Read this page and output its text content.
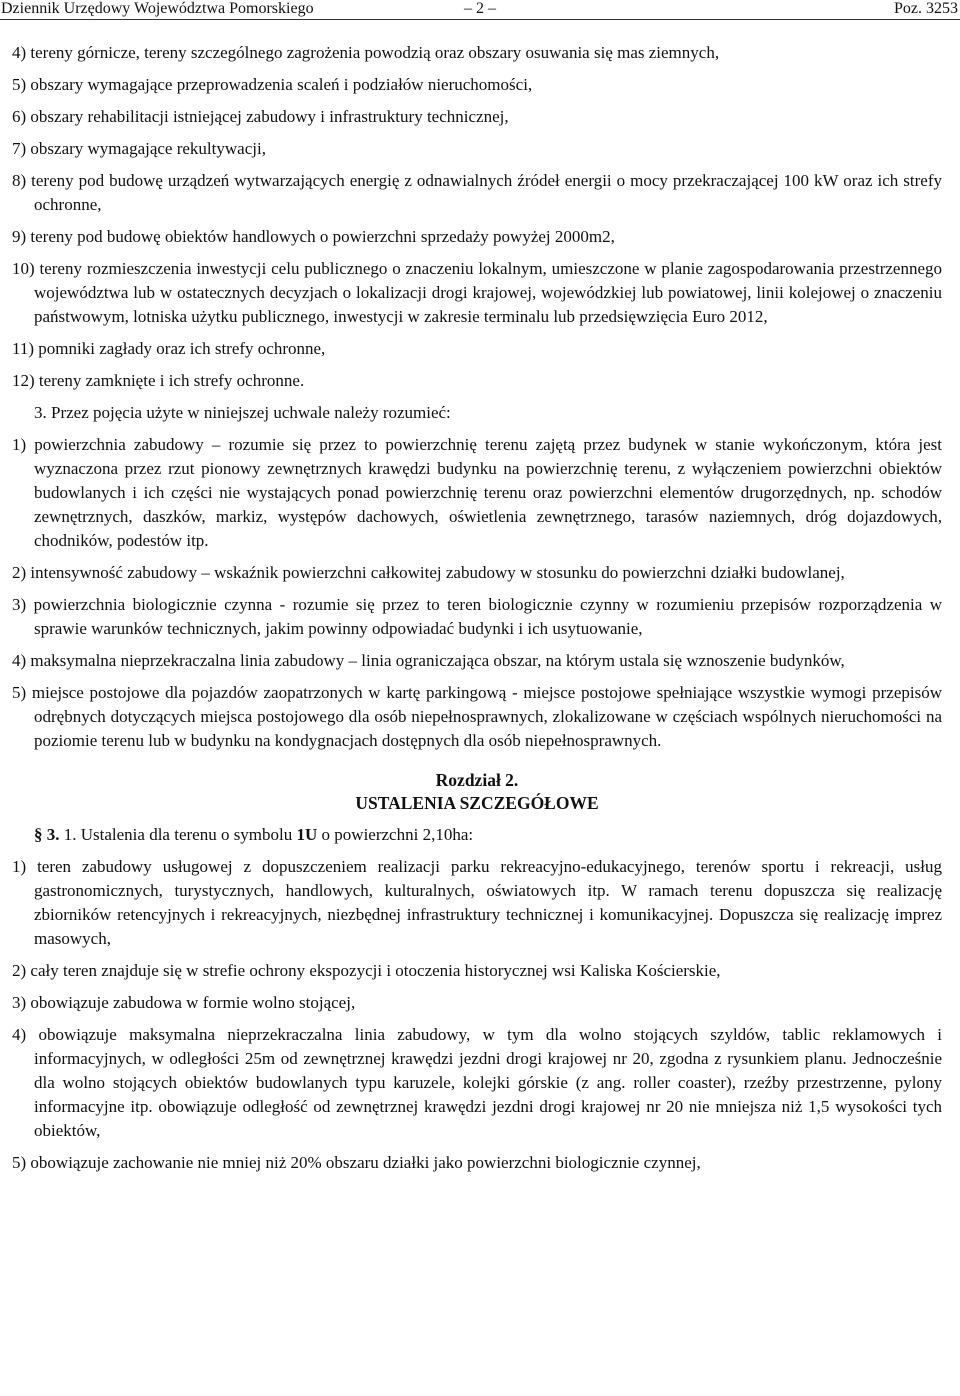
Dziennik Urzędowy Województwa Pomorskiego	– 2 –	Poz. 3253

4) tereny górnicze, tereny szczególnego zagrożenia powodzią oraz obszary osuwania się mas ziemnych,

5) obszary wymagające przeprowadzenia scaleń i podziałów nieruchomości,

6) obszary rehabilitacji istniejącej zabudowy i infrastruktury technicznej,

7) obszary wymagające rekultywacji,

8) tereny pod budowę urządzeń wytwarzających energię z odnawialnych źródeł energii o mocy przekraczającej 100 kW oraz ich strefy ochronne,

9) tereny pod budowę obiektów handlowych o powierzchni sprzedaży powyżej 2000m2,

10) tereny rozmieszczenia inwestycji celu publicznego o znaczeniu lokalnym, umieszczone w planie zagospodarowania przestrzennego województwa lub w ostatecznych decyzjach o lokalizacji drogi krajowej, wojewódzkiej lub powiatowej, linii kolejowej o znaczeniu państwowym, lotniska użytku publicznego, inwestycji w zakresie terminalu lub przedsięwzięcia Euro 2012,

11) pomniki zagłady oraz ich strefy ochronne,

12) tereny zamknięte i ich strefy ochronne.

3. Przez pojęcia użyte w niniejszej uchwale należy rozumieć:

1) powierzchnia zabudowy – rozumie się przez to powierzchnię terenu zajętą przez budynek w stanie wykończonym, która jest wyznaczona przez rzut pionowy zewnętrznych krawędzi budynku na powierzchnię terenu, z wyłączeniem powierzchni obiektów budowlanych i ich części nie wystających ponad powierzchnię terenu oraz powierzchni elementów drugorzędnych, np. schodów zewnętrznych, daszków, markiz, występów dachowych, oświetlenia zewnętrznego, tarasów naziemnych, dróg dojazdowych, chodników, podestów itp.

2) intensywność zabudowy – wskaźnik powierzchni całkowitej zabudowy w stosunku do powierzchni działki budowlanej,

3) powierzchnia biologicznie czynna - rozumie się przez to teren biologicznie czynny w rozumieniu przepisów rozporządzenia w sprawie warunków technicznych, jakim powinny odpowiadać budynki i ich usytuowanie,

4) maksymalna nieprzekraczalna linia zabudowy – linia ograniczająca obszar, na którym ustala się wznoszenie budynków,

5) miejsce postojowe dla pojazdów zaopatrzonych w kartę parkingową - miejsce postojowe spełniające wszystkie wymogi przepisów odrębnych dotyczących miejsca postojowego dla osób niepełnosprawnych, zlokalizowane w częściach wspólnych nieruchomości na poziomie terenu lub w budynku na kondygnacjach dostępnych dla osób niepełnosprawnych.

Rozdział 2.
USTALENIA SZCZEGÓŁOWE

§ 3. 1. Ustalenia dla terenu o symbolu 1U o powierzchni 2,10ha:

1) teren zabudowy usługowej z dopuszczeniem realizacji parku rekreacyjno-edukacyjnego, terenów sportu i rekreacji, usług gastronomicznych, turystycznych, handlowych, kulturalnych, oświatowych itp. W ramach terenu dopuszcza się realizację zbiorników retencyjnych i rekreacyjnych, niezbędnej infrastruktury technicznej i komunikacyjnej. Dopuszcza się realizację imprez masowych,

2) cały teren znajduje się w strefie ochrony ekspozycji i otoczenia historycznej wsi Kaliska Kościerskie,

3) obowiązuje zabudowa w formie wolno stojącej,

4) obowiązuje maksymalna nieprzekraczalna linia zabudowy, w tym dla wolno stojących szyldów, tablic reklamowych i informacyjnych, w odległości 25m od zewnętrznej krawędzi jezdni drogi krajowej nr 20, zgodna z rysunkiem planu. Jednocześnie dla wolno stojących obiektów budowlanych typu karuzele, kolejki górskie (z ang. roller coaster), rzeźby przestrzenne, pylony informacyjne itp. obowiązuje odległość od zewnętrznej krawędzi jezdni drogi krajowej nr 20 nie mniejsza niż 1,5 wysokości tych obiektów,

5) obowiązuje zachowanie nie mniej niż 20% obszaru działki jako powierzchni biologicznie czynnej,
